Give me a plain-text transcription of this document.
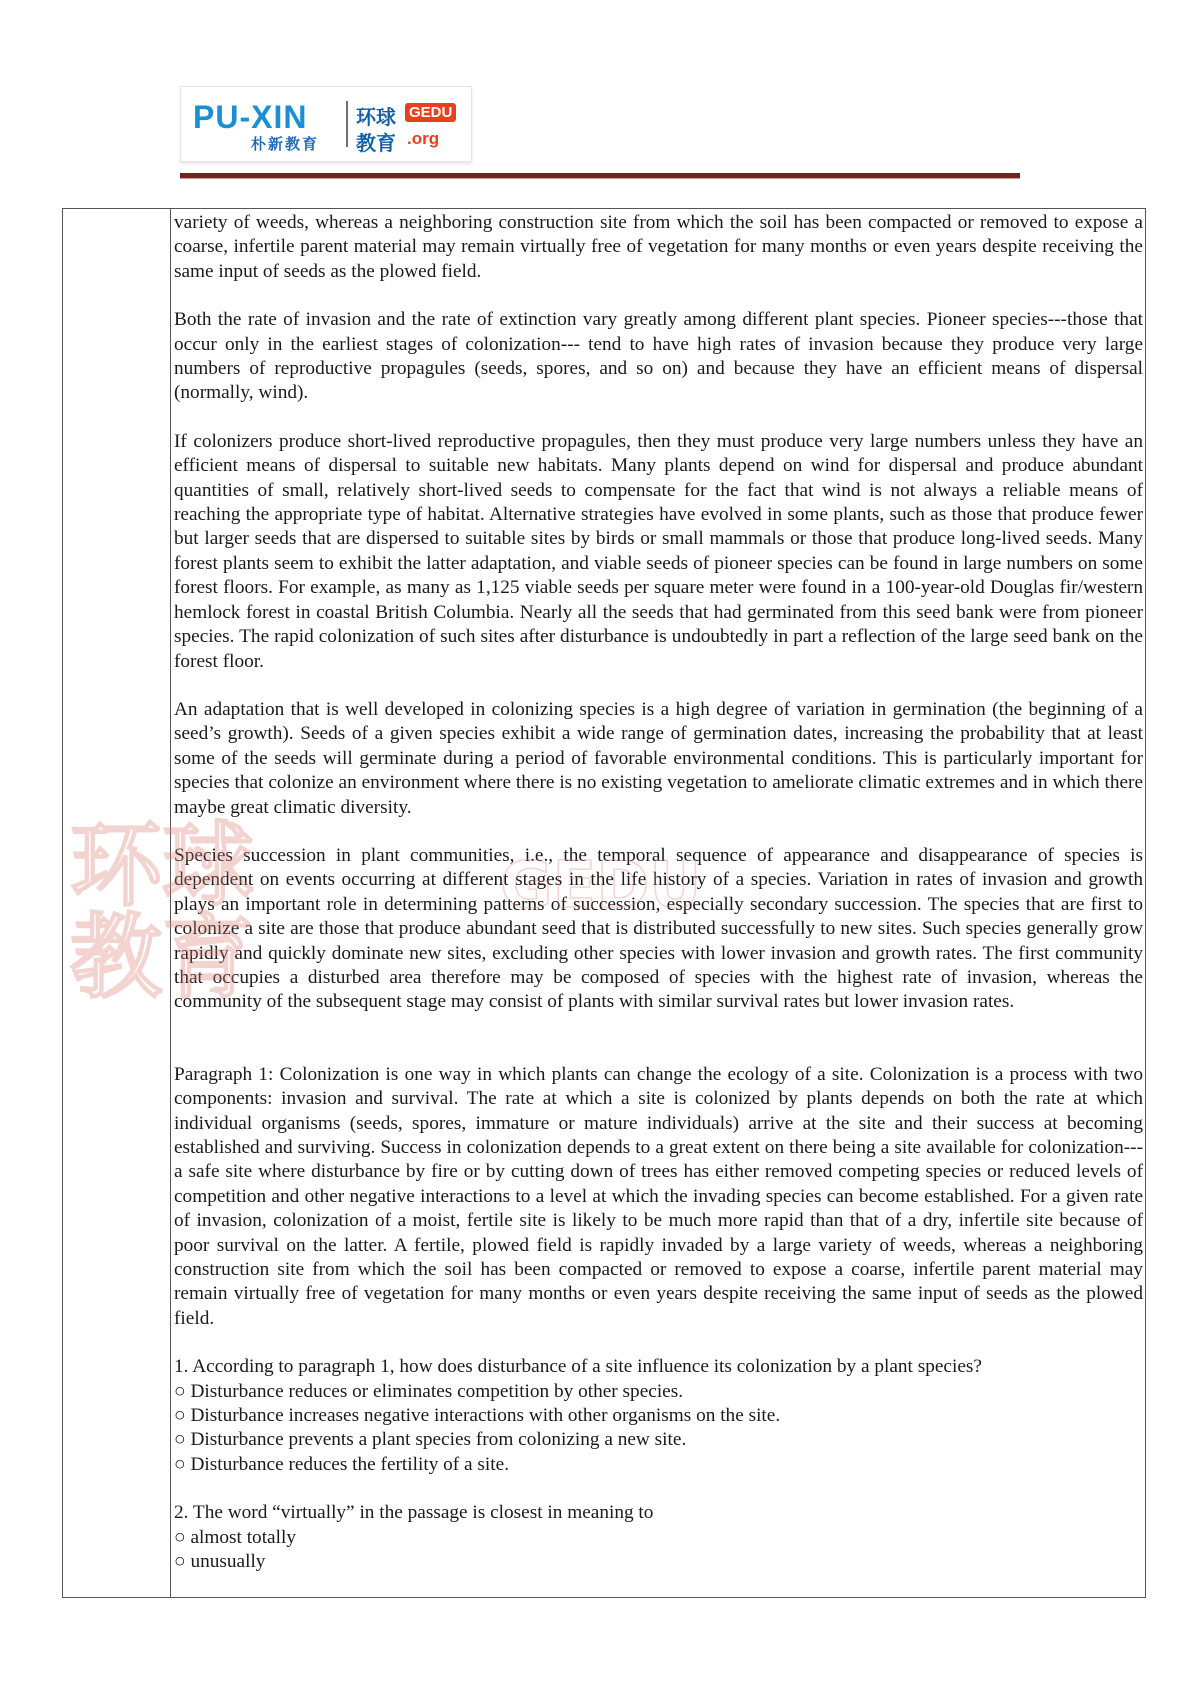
PU-XIN
朴新教育
环球 GEDU
教育 .org

variety of weeds, whereas a neighboring construction site from which the soil has been compacted or removed to expose a coarse, infertile parent material may remain virtually free of vegetation for many months or even years despite receiving the same input of seeds as the plowed field.

Both the rate of invasion and the rate of extinction vary greatly among different plant species. Pioneer species---those that occur only in the earliest stages of colonization--- tend to have high rates of invasion because they produce very large numbers of reproductive propagules (seeds, spores, and so on) and because they have an efficient means of dispersal (normally, wind).

If colonizers produce short-lived reproductive propagules, then they must produce very large numbers unless they have an efficient means of dispersal to suitable new habitats. Many plants depend on wind for dispersal and produce abundant quantities of small, relatively short-lived seeds to compensate for the fact that wind is not always a reliable means of reaching the appropriate type of habitat. Alternative strategies have evolved in some plants, such as those that produce fewer but larger seeds that are dispersed to suitable sites by birds or small mammals or those that produce long-lived seeds. Many forest plants seem to exhibit the latter adaptation, and viable seeds of pioneer species can be found in large numbers on some forest floors. For example, as many as 1,125 viable seeds per square meter were found in a 100-year-old Douglas fir/western hemlock forest in coastal British Columbia. Nearly all the seeds that had germinated from this seed bank were from pioneer species. The rapid colonization of such sites after disturbance is undoubtedly in part a reflection of the large seed bank on the forest floor.

An adaptation that is well developed in colonizing species is a high degree of variation in germination (the beginning of a seed’s growth). Seeds of a given species exhibit a wide range of germination dates, increasing the probability that at least some of the seeds will germinate during a period of favorable environmental conditions. This is particularly important for species that colonize an environment where there is no existing vegetation to ameliorate climatic extremes and in which there maybe great climatic diversity.

Species succession in plant communities, i.e., the temporal sequence of appearance and disappearance of species is dependent on events occurring at different stages in the life history of a species. Variation in rates of invasion and growth plays an important role in determining patterns of succession, especially secondary succession. The species that are first to colonize a site are those that produce abundant seed that is distributed successfully to new sites. Such species generally grow rapidly and quickly dominate new sites, excluding other species with lower invasion and growth rates. The first community that occupies a disturbed area therefore may be composed of species with the highest rate of invasion, whereas the community of the subsequent stage may consist of plants with similar survival rates but lower invasion rates.

Paragraph 1: Colonization is one way in which plants can change the ecology of a site. Colonization is a process with two components: invasion and survival. The rate at which a site is colonized by plants depends on both the rate at which individual organisms (seeds, spores, immature or mature individuals) arrive at the site and their success at becoming established and surviving. Success in colonization depends to a great extent on there being a site available for colonization---a safe site where disturbance by fire or by cutting down of trees has either removed competing species or reduced levels of competition and other negative interactions to a level at which the invading species can become established. For a given rate of invasion, colonization of a moist, fertile site is likely to be much more rapid than that of a dry, infertile site because of poor survival on the latter. A fertile, plowed field is rapidly invaded by a large variety of weeds, whereas a neighboring construction site from which the soil has been compacted or removed to expose a coarse, infertile parent material may remain virtually free of vegetation for many months or even years despite receiving the same input of seeds as the plowed field.

1. According to paragraph 1, how does disturbance of a site influence its colonization by a plant species?
○ Disturbance reduces or eliminates competition by other species.
○ Disturbance increases negative interactions with other organisms on the site.
○ Disturbance prevents a plant species from colonizing a new site.
○ Disturbance reduces the fertility of a site.
2. The word “virtually” in the passage is closest in meaning to
○ almost totally
○ unusually
环球
教育
GEDU
